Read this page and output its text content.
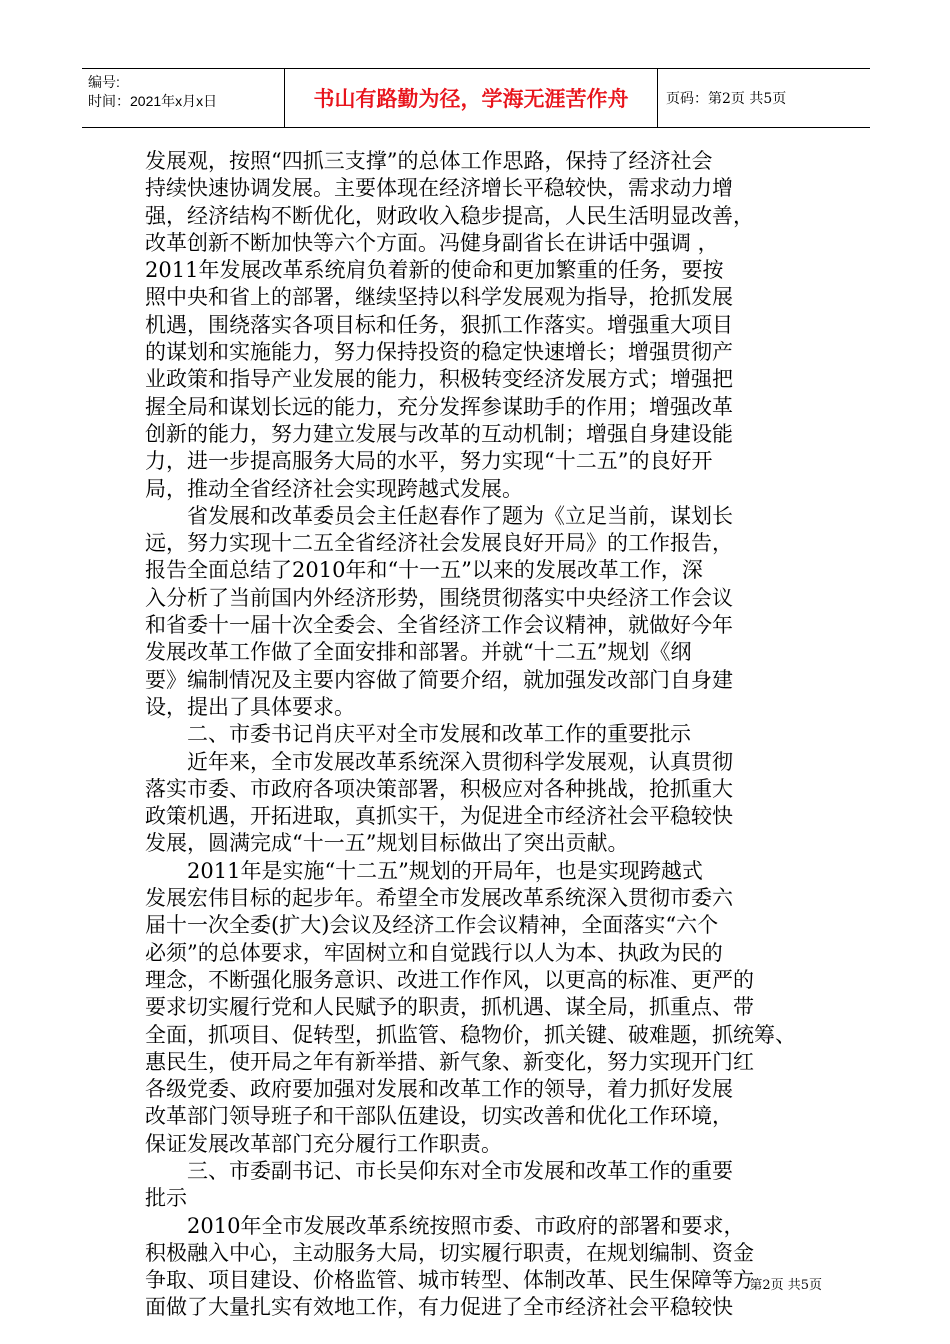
编号:
时间：2021年x月x日	书山有路勤为径，学海无涯苦作舟	页码：第2页 共5页
发展观，按照“四抓三支撑”的总体工作思路，保持了经济社会
持续快速协调发展。主要体现在经济增长平稳较快，需求动力增
强，经济结构不断优化，财政收入稳步提高，人民生活明显改善，
改革创新不断加快等六个方面。冯健身副省长在讲话中强调 ，
2011年发展改革系统肩负着新的使命和更加繁重的任务，要按
照中央和省上的部署，继续坚持以科学发展观为指导，抢抓发展
机遇，围绕落实各项目标和任务，狠抓工作落实。增强重大项目
的谋划和实施能力，努力保持投资的稳定快速增长；增强贯彻产
业政策和指导产业发展的能力，积极转变经济发展方式；增强把
握全局和谋划长远的能力，充分发挥参谋助手的作用；增强改革
创新的能力，努力建立发展与改革的互动机制；增强自身建设能
力，进一步提高服务大局的水平，努力实现“十二五”的良好开
局，推动全省经济社会实现跨越式发展。
　　省发展和改革委员会主任赵春作了题为《立足当前，谋划长
远，努力实现十二五全省经济社会发展良好开局》的工作报告，
报告全面总结了2010年和“十一五”以来的发展改革工作，深
入分析了当前国内外经济形势，围绕贯彻落实中央经济工作会议
和省委十一届十次全委会、全省经济工作会议精神，就做好今年
发展改革工作做了全面安排和部署。并就“十二五”规划《纲
要》编制情况及主要内容做了简要介绍，就加强发改部门自身建
设，提出了具体要求。
　　二、市委书记肖庆平对全市发展和改革工作的重要批示
　　近年来，全市发展改革系统深入贯彻科学发展观，认真贯彻
落实市委、市政府各项决策部署，积极应对各种挑战，抢抓重大
政策机遇，开拓进取，真抓实干，为促进全市经济社会平稳较快
发展，圆满完成“十一五”规划目标做出了突出贡献。
　　2011年是实施“十二五”规划的开局年，也是实现跨越式
发展宏伟目标的起步年。希望全市发展改革系统深入贯彻市委六
届十一次全委(扩大)会议及经济工作会议精神，全面落实“六个
必须”的总体要求，牢固树立和自觉践行以人为本、执政为民的
理念，不断强化服务意识、改进工作作风，以更高的标准、更严的
要求切实履行党和人民赋予的职责，抓机遇、谋全局，抓重点、带
全面，抓项目、促转型，抓监管、稳物价，抓关键、破难题，抓统筹、
惠民生，使开局之年有新举措、新气象、新变化，努力实现开门红
各级党委、政府要加强对发展和改革工作的领导，着力抓好发展
改革部门领导班子和干部队伍建设，切实改善和优化工作环境，
保证发展改革部门充分履行工作职责。
　　三、市委副书记、市长吴仰东对全市发展和改革工作的重要
批示
　　2010年全市发展改革系统按照市委、市政府的部署和要求，
积极融入中心，主动服务大局，切实履行职责，在规划编制、资金
争取、项目建设、价格监管、城市转型、体制改革、民生保障等方
面做了大量扎实有效地工作，有力促进了全市经济社会平稳较快
第2页 共5页
